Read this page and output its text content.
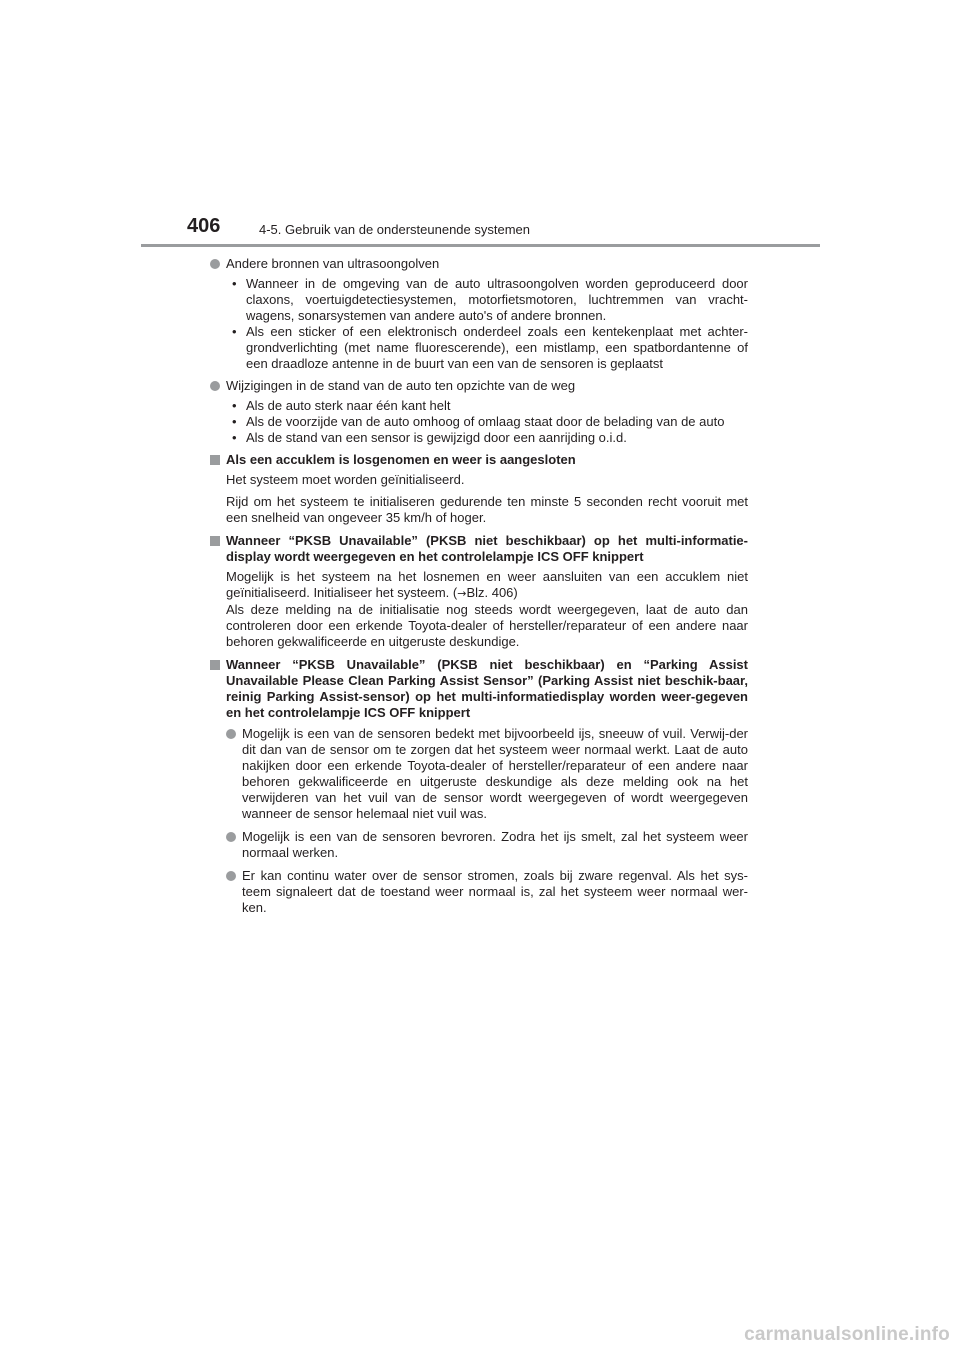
406	4-5. Gebruik van de ondersteunende systemen
Andere bronnen van ultrasoongolven
• Wanneer in de omgeving van de auto ultrasoongolven worden geproduceerd door claxons, voertuigdetectiesystemen, motorfietsmotoren, luchtremmen van vracht-wagens, sonarsystemen van andere auto's of andere bronnen.
• Als een sticker of een elektronisch onderdeel zoals een kentekenplaat met achter-grondverlichting (met name fluorescerende), een mistlamp, een spatbordantenne of een draadloze antenne in de buurt van een van de sensoren is geplaatst
Wijzigingen in de stand van de auto ten opzichte van de weg
• Als de auto sterk naar één kant helt
• Als de voorzijde van de auto omhoog of omlaag staat door de belading van de auto
• Als de stand van een sensor is gewijzigd door een aanrijding o.i.d.
Als een accuklem is losgenomen en weer is aangesloten

Het systeem moet worden geïnitialiseerd.

Rijd om het systeem te initialiseren gedurende ten minste 5 seconden recht vooruit met een snelheid van ongeveer 35 km/h of hoger.

Wanneer “PKSB Unavailable” (PKSB niet beschikbaar) op het multi-informatie-display wordt weergegeven en het controlelampje ICS OFF knippert

Mogelijk is het systeem na het losnemen en weer aansluiten van een accuklem niet geïnitialiseerd. Initialiseer het systeem. (→Blz. 406)

Als deze melding na de initialisatie nog steeds wordt weergegeven, laat de auto dan controleren door een erkende Toyota-dealer of hersteller/reparateur of een andere naar behoren gekwalificeerde en uitgeruste deskundige.

Wanneer “PKSB Unavailable” (PKSB niet beschikbaar) en “Parking Assist Unavailable Please Clean Parking Assist Sensor” (Parking Assist niet beschik-baar, reinig Parking Assist-sensor) op het multi-informatiedisplay worden weer-gegeven en het controlelampje ICS OFF knippert
Mogelijk is een van de sensoren bedekt met bijvoorbeeld ijs, sneeuw of vuil. Verwij-der dit dan van de sensor om te zorgen dat het systeem weer normaal werkt. Laat de auto nakijken door een erkende Toyota-dealer of hersteller/reparateur of een andere naar behoren gekwalificeerde en uitgeruste deskundige als deze melding ook na het verwijderen van het vuil van de sensor wordt weergegeven of wordt weergegeven wanneer de sensor helemaal niet vuil was.
Mogelijk is een van de sensoren bevroren. Zodra het ijs smelt, zal het systeem weer normaal werken.
Er kan continu water over de sensor stromen, zoals bij zware regenval. Als het sys-teem signaleert dat de toestand weer normaal is, zal het systeem weer normaal wer-ken.
carmanualsonline.info
